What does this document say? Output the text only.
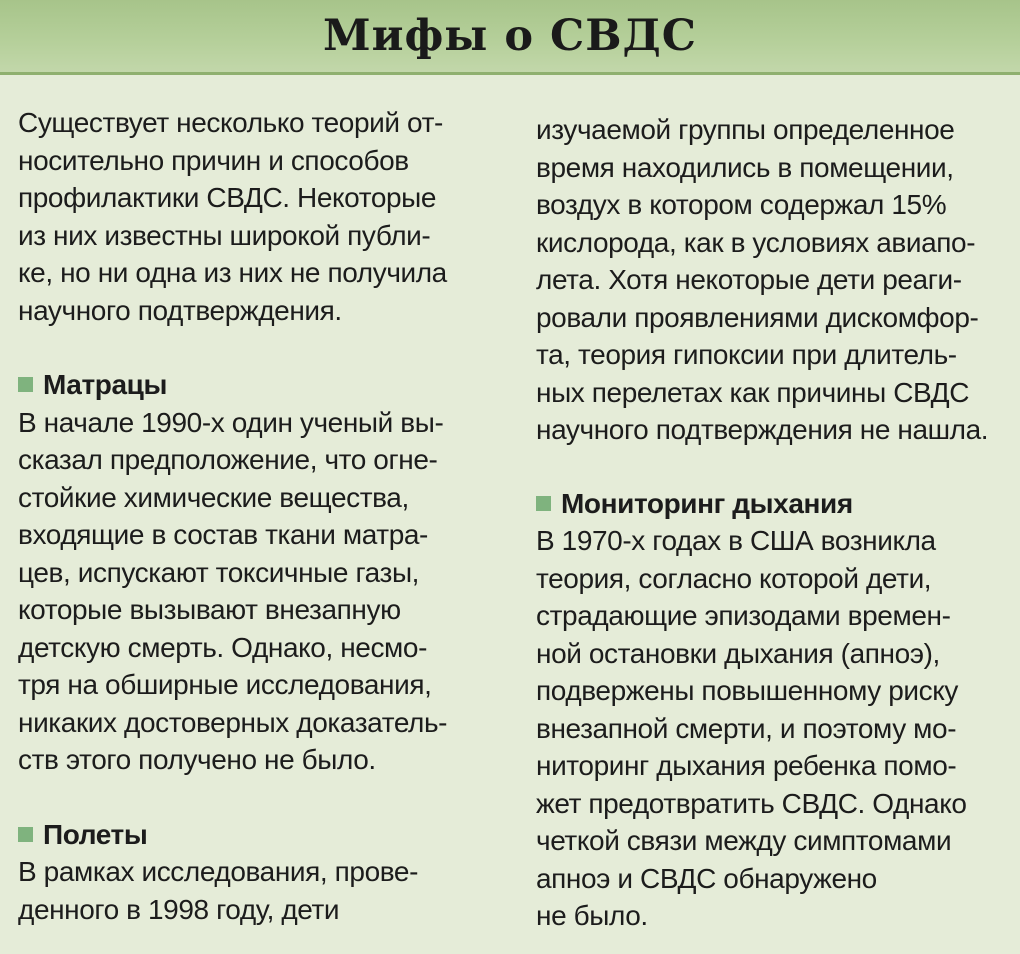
Мифы о СВДС
Существует несколько теорий от-
носительно причин и способов
профилактики СВДС. Некоторые
из них известны широкой публи-
ке, но ни одна из них не получила
научного подтверждения.
Матрацы
В начале 1990-х один ученый вы-
сказал предположение, что огне-
стойкие химические вещества,
входящие в состав ткани матра-
цев, испускают токсичные газы,
которые вызывают внезапную
детскую смерть. Однако, несмо-
тря на обширные исследования,
никаких достоверных доказатель-
ств этого получено не было.
Полеты
В рамках исследования, прове-
денного в 1998 году, дети
изучаемой группы определенное
время находились в помещении,
воздух в котором содержал 15%
кислорода, как в условиях авиапо-
лета. Хотя некоторые дети реаги-
ровали проявлениями дискомфор-
та, теория гипоксии при длитель-
ных перелетах как причины СВДС
научного подтверждения не нашла.
Мониторинг дыхания
В 1970-х годах в США возникла
теория, согласно которой дети,
страдающие эпизодами времен-
ной остановки дыхания (апноэ),
подвержены повышенному риску
внезапной смерти, и поэтому мо-
ниторинг дыхания ребенка помо-
жет предотвратить СВДС. Однако
четкой связи между симптомами
апноэ и СВДС обнаружено
не было.
